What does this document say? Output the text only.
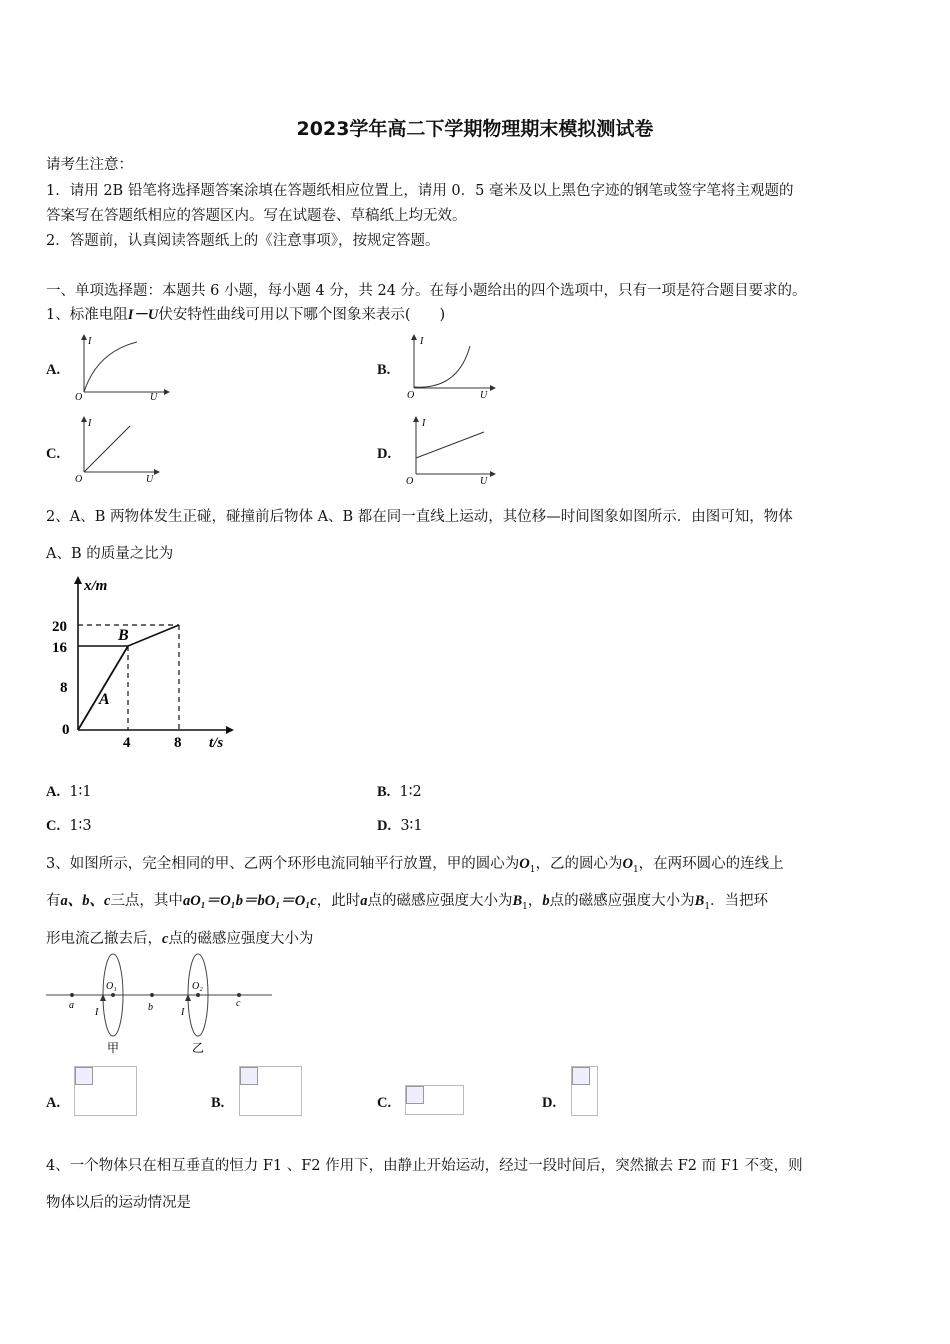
2023学年高二下学期物理期末模拟测试卷
请考生注意：
1．请用 2B 铅笔将选择题答案涂填在答题纸相应位置上，请用 0．5 毫米及以上黑色字迹的钢笔或签字笔将主观题的
答案写在答题纸相应的答题区内。写在试题卷、草稿纸上均无效。
2．答题前，认真阅读答题纸上的《注意事项》，按规定答题。
一、单项选择题：本题共 6 小题，每小题 4 分，共 24 分。在每小题给出的四个选项中，只有一项是符合题目要求的。
1、标准电阻I－U伏安特性曲线可用以下哪个图象来表示(　　)
A.	B.
C.	D.
I
U
O
I
U
O
I
U
O
I
U
O
2、A、B 两物体发生正碰，碰撞前后物体 A、B 都在同一直线上运动，其位移—时间图象如图所示．由图可知，物体
A、B 的质量之比为
x/m
t/s
20
16
8
0
4	8
A
B
A. 1∶1	B. 1∶2
C. 1∶3	D. 3∶1
3、如图所示，完全相同的甲、乙两个环形电流同轴平行放置，甲的圆心为$O_1$，乙的圆心为$O_1$，在两环圆心的连线上
有a、b、c三点，其中aO₁＝O₁b＝bO₁＝O₁c，此时a点的磁感应强度大小为$B_1$，b点的磁感应强度大小为$B_1$．当把环
形电流乙撤去后，c点的磁感应强度大小为
a	b	c
I	I
O₁	O₂
甲	乙
A.	B.	C.	D.
4、一个物体只在相互垂直的恒力 F1 、F2 作用下，由静止开始运动，经过一段时间后，突然撤去 F2 而 F1 不变，则
物体以后的运动情况是
